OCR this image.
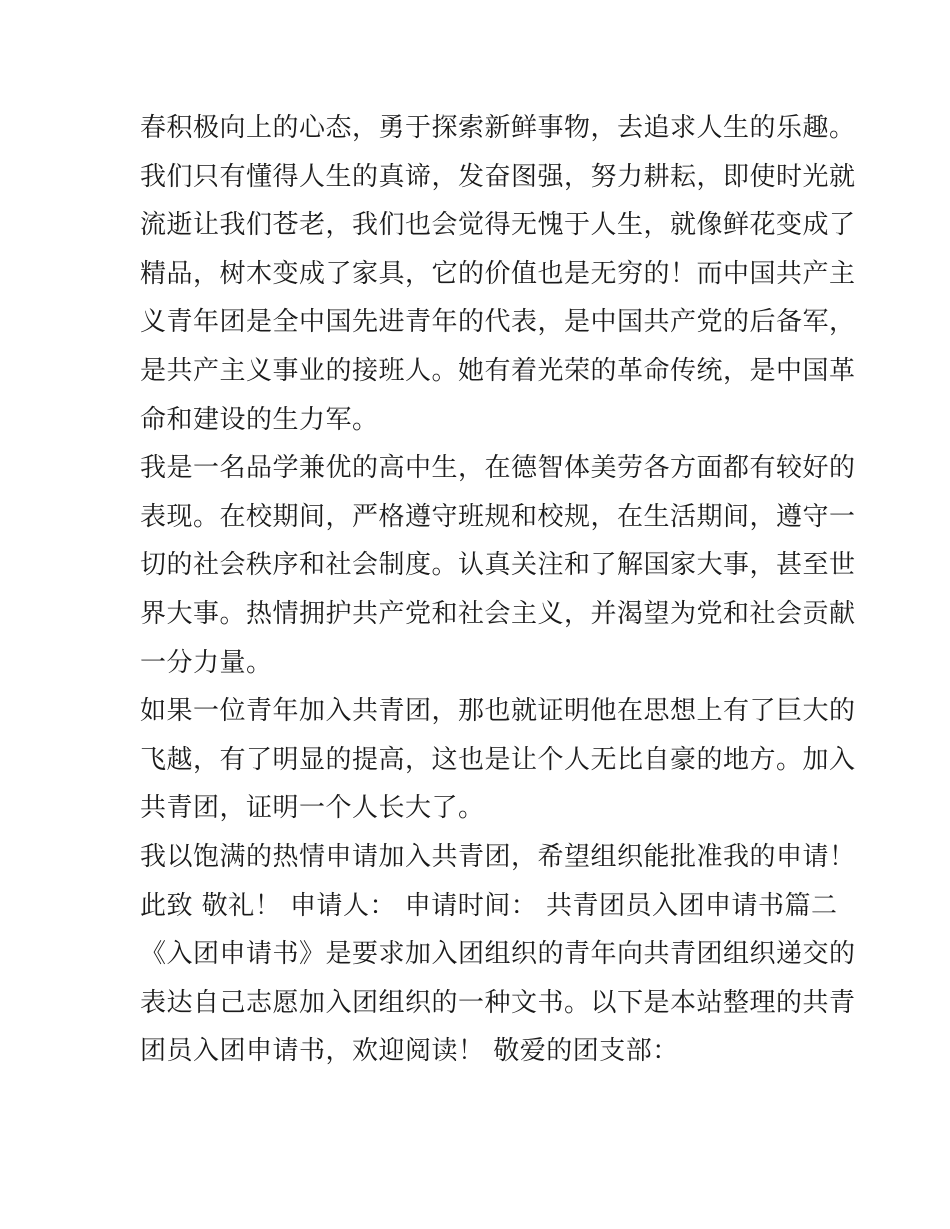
春积极向上的心态，勇于探索新鲜事物，去追求人生的乐趣。
我们只有懂得人生的真谛，发奋图强，努力耕耘，即使时光就
流逝让我们苍老，我们也会觉得无愧于人生，就像鲜花变成了
精品，树木变成了家具，它的价值也是无穷的！而中国共产主
义青年团是全中国先进青年的代表，是中国共产党的后备军，
是共产主义事业的接班人。她有着光荣的革命传统，是中国革
命和建设的生力军。
我是一名品学兼优的高中生，在德智体美劳各方面都有较好的
表现。在校期间，严格遵守班规和校规，在生活期间，遵守一
切的社会秩序和社会制度。认真关注和了解国家大事，甚至世
界大事。热情拥护共产党和社会主义，并渴望为党和社会贡献
一分力量。
如果一位青年加入共青团，那也就证明他在思想上有了巨大的
飞越，有了明显的提高，这也是让个人无比自豪的地方。加入
共青团，证明一个人长大了。
我以饱满的热情申请加入共青团，希望组织能批准我的申请！
此致 敬礼！ 申请人： 申请时间： 共青团员入团申请书篇二
《入团申请书》是要求加入团组织的青年向共青团组织递交的
表达自己志愿加入团组织的一种文书。以下是本站整理的共青
团员入团申请书，欢迎阅读！ 敬爱的团支部：
